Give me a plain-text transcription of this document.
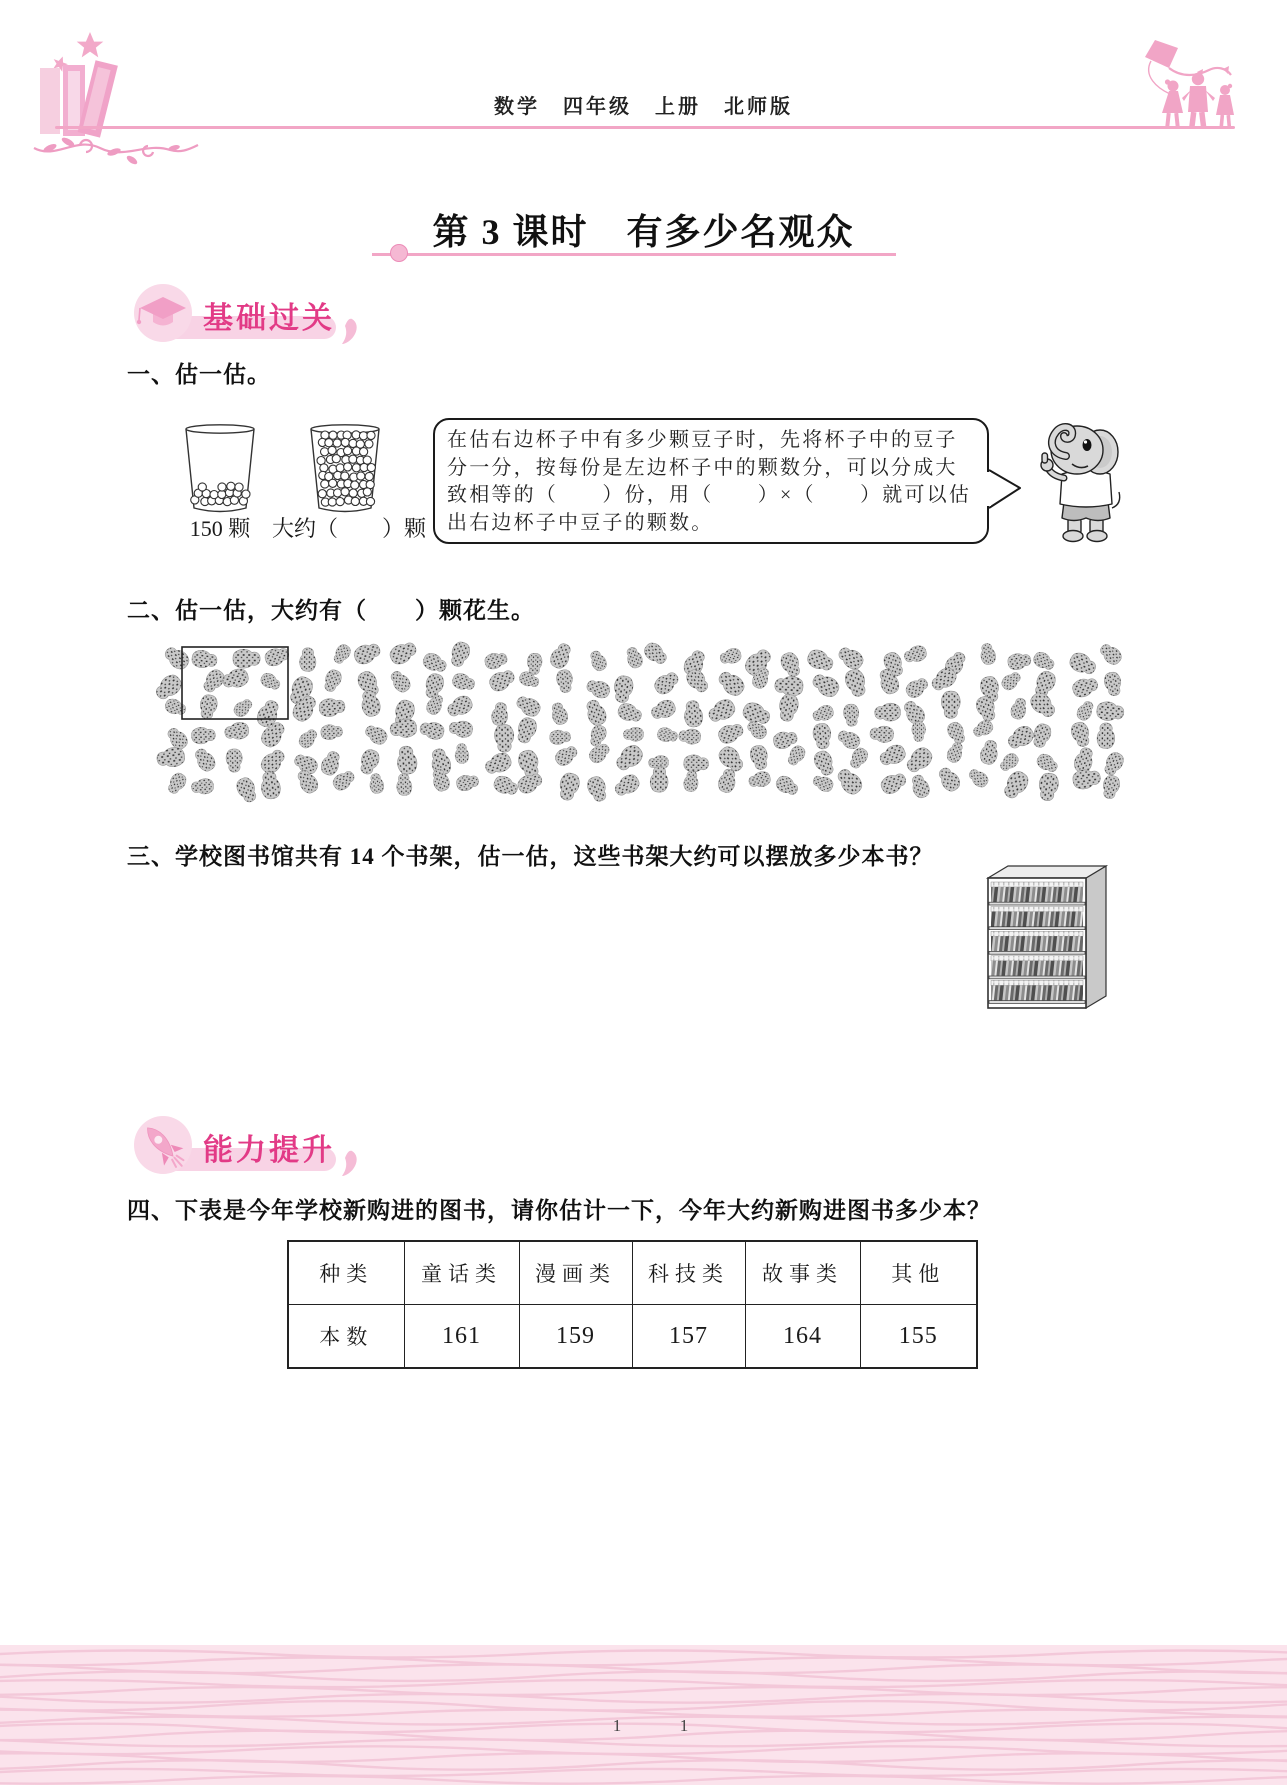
数学　四年级　上册　北师版
第 3 课时　有多少名观众
基础过关
一、估一估。
150 颗 大约（　　）颗
在估右边杯子中有多少颗豆子时，先将杯子中的豆子分一分，按每份是左边杯子中的颗数分，可以分成大致相等的（　　）份，用（　　）×（　　）就可以估出右边杯子中豆子的颗数。
二、估一估，大约有（　　）颗花生。
三、学校图书馆共有 14 个书架，估一估，这些书架大约可以摆放多少本书？
能力提升
四、下表是今年学校新购进的图书，请你估计一下，今年大约新购进图书多少本？
种类	童话类	漫画类	科技类	故事类	其他
本数	161	159	157	164	155
1	1
